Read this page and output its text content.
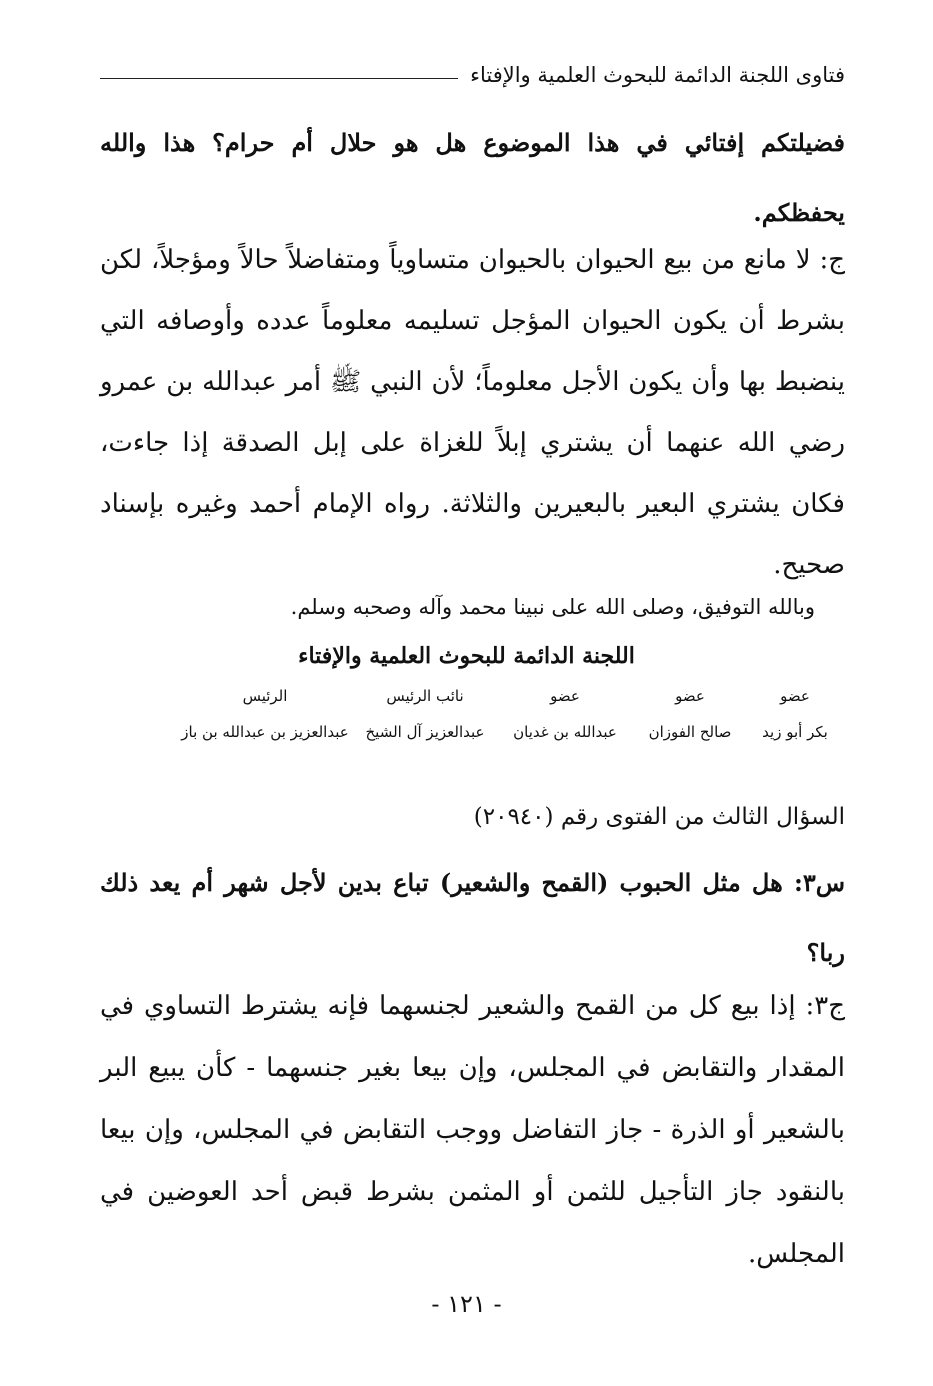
فتاوى اللجنة الدائمة للبحوث العلمية والإفتاء

فضيلتكم إفتائي في هذا الموضوع هل هو حلال أم حرام؟ هذا والله يحفظكم.

ج: لا مانع من بيع الحيوان بالحيوان متساوياً ومتفاضلاً حالاً ومؤجلاً، لكن بشرط أن يكون الحيوان المؤجل تسليمه معلوماً عدده وأوصافه التي ينضبط بها وأن يكون الأجل معلوماً؛ لأن النبي ﷺ أمر عبدالله بن عمرو رضي الله عنهما أن يشتري إبلاً للغزاة على إبل الصدقة إذا جاءت، فكان يشتري البعير بالبعيرين والثلاثة. رواه الإمام أحمد وغيره بإسناد صحيح.

وبالله التوفيق، وصلى الله على نبينا محمد وآله وصحبه وسلم.

اللجنة الدائمة للبحوث العلمية والإفتاء
عضو
عضو
عضو
نائب الرئيس
الرئيس
بكر أبو زيد
صالح الفوزان
عبدالله بن غديان
عبدالعزيز آل الشيخ
عبدالعزيز بن عبدالله بن باز

السؤال الثالث من الفتوى رقم (٢٠٩٤٠)

س٣: هل مثل الحبوب (القمح والشعير) تباع بدين لأجل شهر أم يعد ذلك ربا؟

ج٣: إذا بيع كل من القمح والشعير لجنسهما فإنه يشترط التساوي في المقدار والتقابض في المجلس، وإن بيعا بغير جنسهما - كأن يبيع البر بالشعير أو الذرة - جاز التفاضل ووجب التقابض في المجلس، وإن بيعا بالنقود جاز التأجيل للثمن أو المثمن بشرط قبض أحد العوضين في المجلس.

- ١٢١ -
